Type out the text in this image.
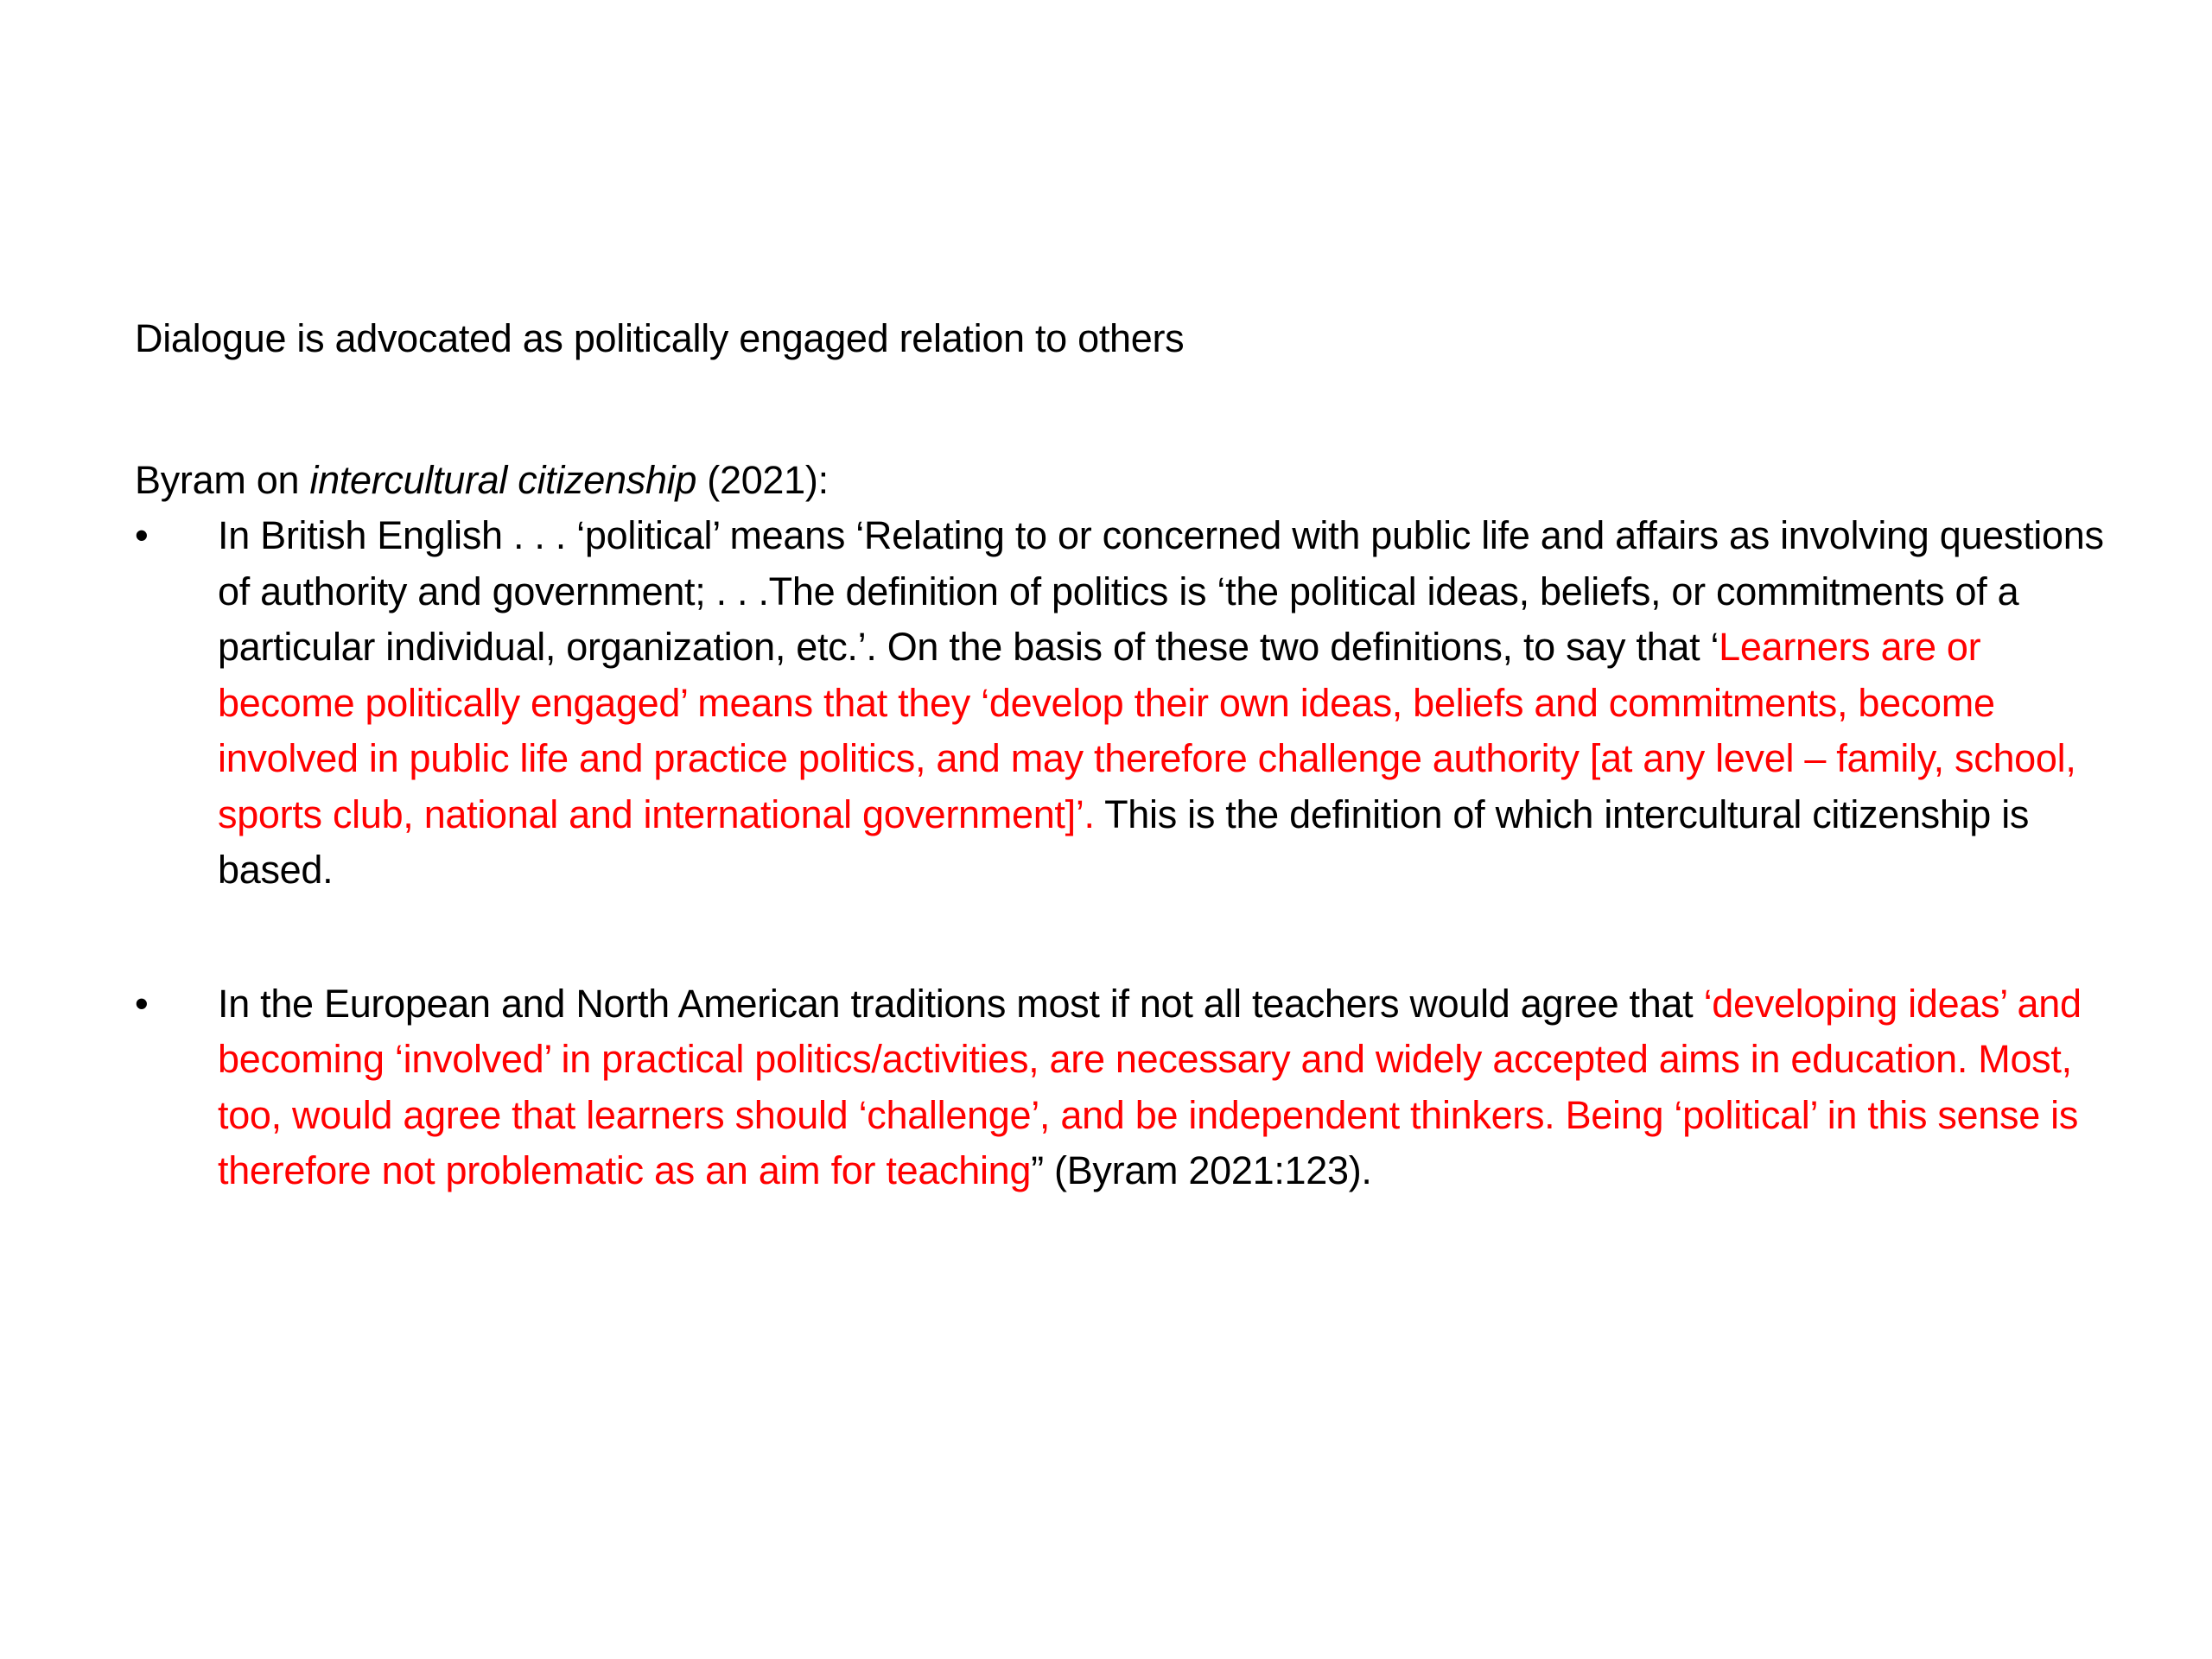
Dialogue is advocated as politically engaged relation to others

Byram on intercultural citizenship (2021):

•	In British English . . . ‘political’ means ‘Relating to or concerned with public life and affairs as involving questions of authority and government; . . .The definition of politics is ‘the political ideas, beliefs, or commitments of a particular individual, organization, etc.’. On the basis of these two definitions, to say that ‘Learners are or become politically engaged’ means that they ‘develop their own ideas, beliefs and commitments, become involved in public life and practice politics, and may therefore challenge authority [at any level – family, school, sports club, national and international government]’. This is the definition of which intercultural citizenship is based.
•	In the European and North American traditions most if not all teachers would agree that ‘developing ideas’ and becoming ‘involved’ in practical politics/activities, are necessary and widely accepted aims in education. Most, too, would agree that learners should ‘challenge’, and be independent thinkers. Being ‘political’ in this sense is therefore not problematic as an aim for teaching” (Byram 2021:123).
